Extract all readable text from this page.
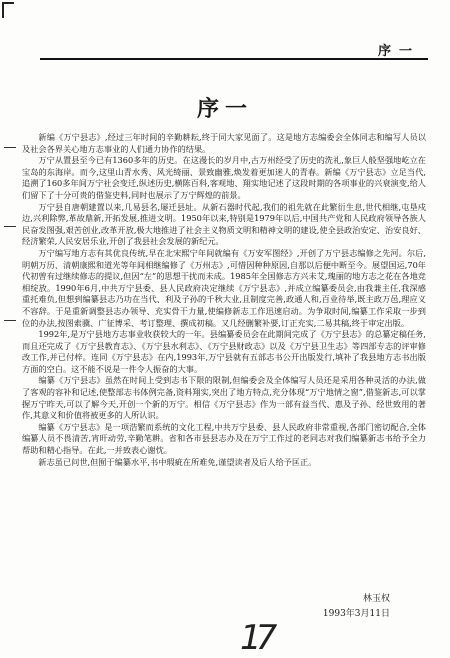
序一
序一

新编《万宁县志》,经过三年时间的辛勤耕耘,终于同大家见面了。这是地方志编委会全体同志和编写人员以及社会各界关心地方志事业的人们通力协作的结果。

万宁从置县至今已有1360多年的历史。在这漫长的岁月中,古万州经受了历史的洗礼,象巨人般坚强地屹立在宝岛的东海岸。而今,这里山青水秀、风光绮丽、景致幽雅,焕发着更加迷人的青春。新编《万宁县志》立足当代,追溯了160多年间万宁社会变迁,纵述历史,横陈百科,客观地、翔实地记述了这段时期的各项事业的兴衰演变,给人们留下了十分可贵的借鉴史料,同时也展示了万宁辉煌的前景。

万宁县自唐朝建置以来,几易县名,屡迁县址。从新石器时代起,我们的祖先就在此繁衍生息,世代相继,屯垦戍边,兴利除弊,革故鼎新,开拓发展,推进文明。1950年以来,特别是1979年以后,中国共产党和人民政府领导各族人民奋发图强,艰苦创业,改革开放,极大地推进了社会主义物质文明和精神文明的建设,使全县政治安定、治安良好、经济繁荣,人民安居乐业,开创了我县社会发展的新纪元。

万宁编写地方志有其优良传统,早在北宋熙宁年间就编有《万安军图经》,开创了万宁县志编修之先河。尔后,明朝万历、清朝康熙和道光等年间相继编修了《万州志》,可惜因种种原因,自那以后便中断至今。展望国运,70年代初曾有过继续修志的提议,但因“左”的思想干扰而未成。1985年全国修志方兴未艾,瑰丽的地方志之花在各地竞相绽放。1990年6月,中共万宁县委、县人民政府决定继续《万宁县志》,并成立编纂委员会,由我兼主任,我深感重托难负,但想到编纂县志乃功在当代、利及子孙的千秋大业,且制度完善,政通人和,百业待举,既主政万邑,理应义不容辞。于是重新调整县志办领导、充实骨干力量,使编修新志工作迅速启动。为争取时间,编纂工作采取一步到位的办法,按图索骥、广征博采、考订整理、撰成初稿。又几经删繁补要,订正充实,二易其稿,终于审定出版。

1992年,是万宁县地方志事业收获较大的一年。县编纂委员会在此期间完成了《万宁县志》的总纂定稿任务,而且还完成了《万宁县教育志》、《万宁县水利志》、《万宁县财政志》以及《万宁县卫生志》等四部专志的评审修改工作,并已付梓。连同《万宁县志》在内,1993年,万宁县就有五部志书公开出版发行,填补了我县地方志书出版方面的空白。这不能不说是一件令人振奋的大事。

编纂《万宁县志》虽然在时间上受到志书下限的限制,但编委会及全体编写人员还是采用各种灵活的办法,做了客观的容补和记述,使整部志书体例完备,资料翔实,突出了地方特点,充分体现“万宁地情之窗”,借鉴新志,可以掌握万宁昨天,可以了解今天,开创一个新的万宁。相信《万宁县志》作为一部有益当代、惠及子孙、经世致用的著作,其意义和价值将被更多的人所认识。

编纂《万宁县志》是一项浩繁而系统的文化工程,中共万宁县委、县人民政府非常重视,各部门密切配合,全体编纂人员不畏清苦,宵旰动劳,辛勤笔耕。省和各市县县志办及在万宁工作过的老同志对我们编纂新志书给予全力帮助和精心指导。在此,一并致表心谢忱。

新志虽已问世,但囿于编纂水平,书中瑕疵在所难免,谨望读者及后人给予匡正。

林玉权
1993年3月11日
17
